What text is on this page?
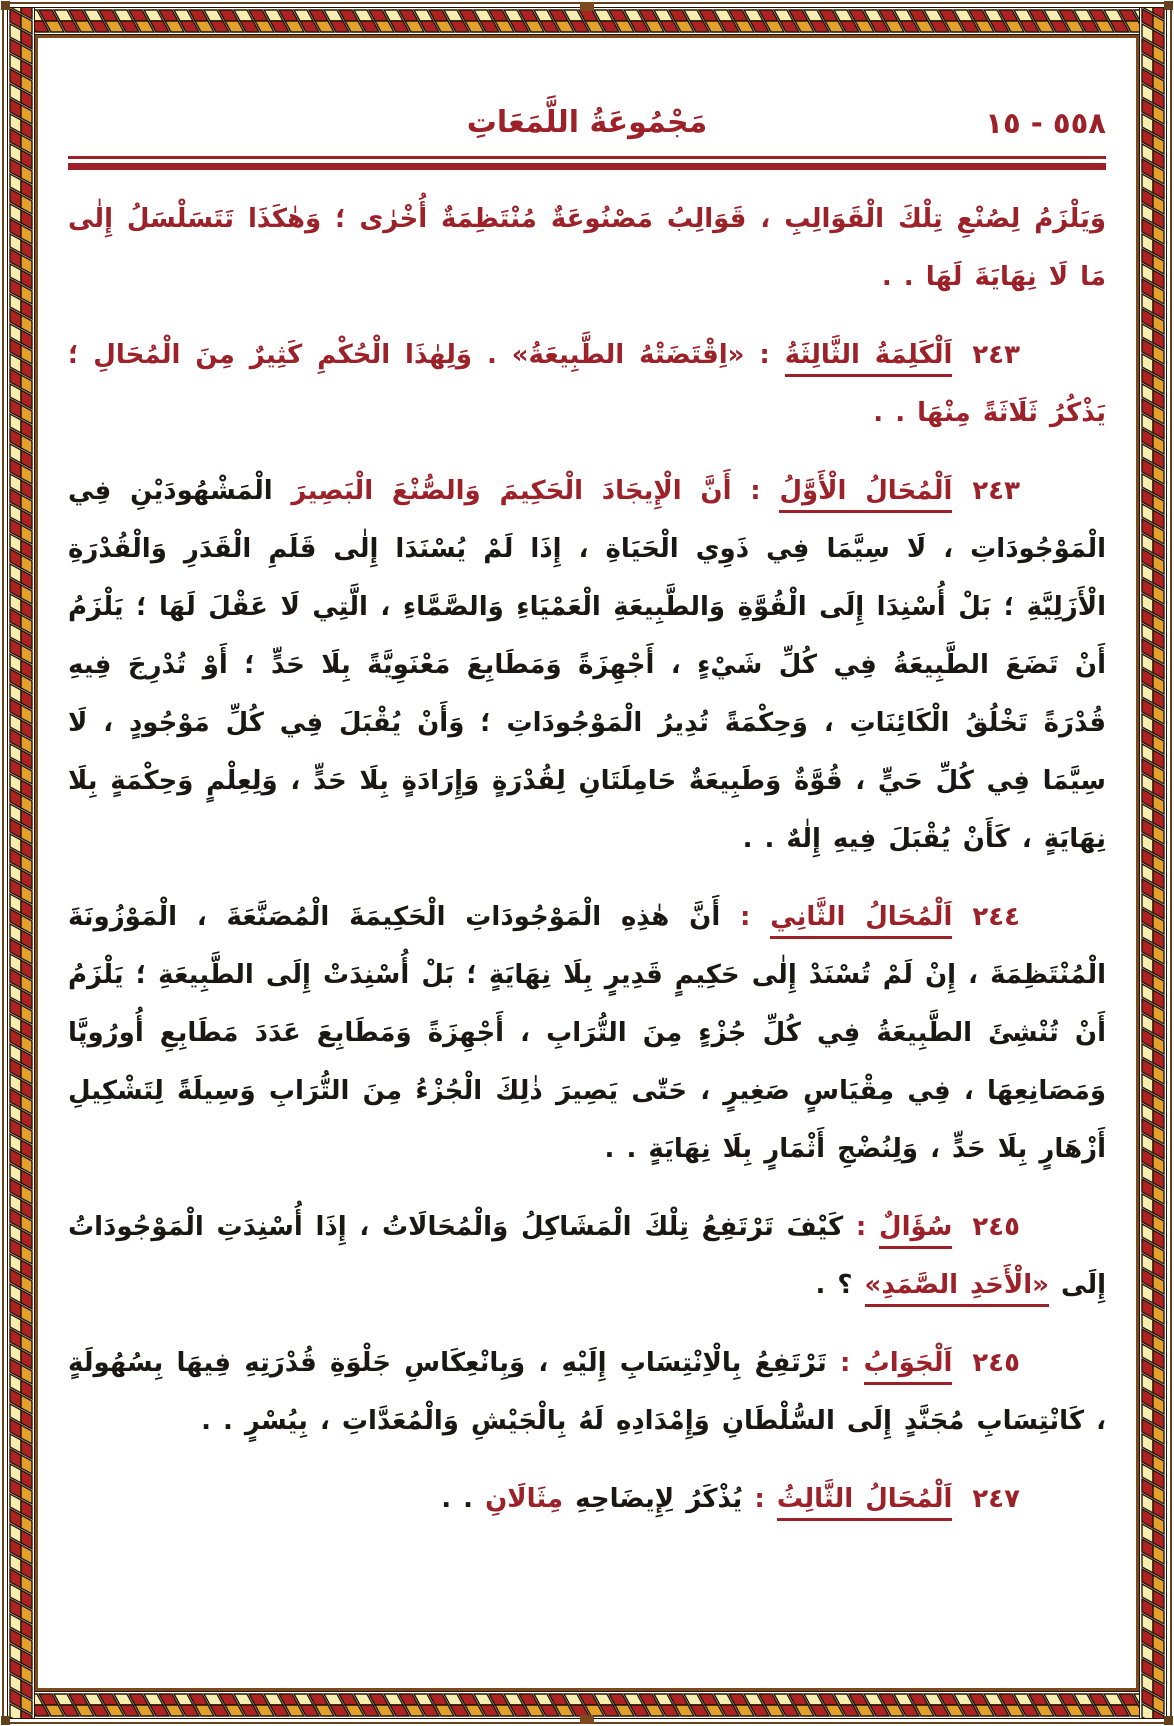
٥٥٨ - ١٥
مَجْمُوعَةُ اللَّمَعَاتِ
وَيَلْزَمُ لِصُنْعِ تِلْكَ الْقَوَالِبِ ، قَوَالِبُ مَصْنُوعَةٌ مُنْتَظِمَةٌ أُخْرٰى ؛ وَهٰكَذَا تَتَسَلْسَلُ إِلٰى مَا لَا نِهَايَةَ لَهَا . .
٢٤٣اَلْكَلِمَةُ الثَّالِثَةُ : «اِقْتَضَتْهُ الطَّبِيعَةُ» . وَلِهٰذَا الْحُكْمِ كَثِيرٌ مِنَ الْمُحَالِ ؛ يَذْكُرُ ثَلَاثَةً مِنْهَا . .
٢٤٣اَلْمُحَالُ الْأَوَّلُ : أَنَّ الْإِيجَادَ الْحَكِيمَ وَالصُّنْعَ الْبَصِيرَ الْمَشْهُودَيْنِ فِي الْمَوْجُودَاتِ ، لَا سِيَّمَا فِي ذَوِي الْحَيَاةِ ، إِذَا لَمْ يُسْنَدَا إِلٰى قَلَمِ الْقَدَرِ وَالْقُدْرَةِ الْأَزَلِيَّةِ ؛ بَلْ أُسْنِدَا إِلَى الْقُوَّةِ وَالطَّبِيعَةِ الْعَمْيَاءِ وَالصَّمَّاءِ ، الَّتِي لَا عَقْلَ لَهَا ؛ يَلْزَمُ أَنْ تَضَعَ الطَّبِيعَةُ فِي كُلِّ شَيْءٍ ، أَجْهِزَةً وَمَطَابِعَ مَعْنَوِيَّةً بِلَا حَدٍّ ؛ أَوْ تُدْرِجَ فِيهِ قُدْرَةً تَخْلُقُ الْكَائِنَاتِ ، وَحِكْمَةً تُدِيرُ الْمَوْجُودَاتِ ؛ وَأَنْ يُقْبَلَ فِي كُلِّ مَوْجُودٍ ، لَا سِيَّمَا فِي كُلِّ حَيٍّ ، قُوَّةٌ وَطَبِيعَةٌ حَامِلَتَانِ لِقُدْرَةٍ وَإِرَادَةٍ بِلَا حَدٍّ ، وَلِعِلْمٍ وَحِكْمَةٍ بِلَا نِهَايَةٍ ، كَأَنْ يُقْبَلَ فِيهِ إِلٰهٌ . .
٢٤٤اَلْمُحَالُ الثَّانِي : أَنَّ هٰذِهِ الْمَوْجُودَاتِ الْحَكِيمَةَ الْمُصَنَّعَةَ ، الْمَوْزُونَةَ الْمُنْتَظِمَةَ ، إِنْ لَمْ تُسْنَدْ إِلٰى حَكِيمٍ قَدِيرٍ بِلَا نِهَايَةٍ ؛ بَلْ أُسْنِدَتْ إِلَى الطَّبِيعَةِ ؛ يَلْزَمُ أَنْ تُنْشِئَ الطَّبِيعَةُ فِي كُلِّ جُزْءٍ مِنَ التُّرَابِ ، أَجْهِزَةً وَمَطَابِعَ عَدَدَ مَطَابِعِ أُورُوپَّا وَمَصَانِعِهَا ، فِي مِقْيَاسٍ صَغِيرٍ ، حَتّٰى يَصِيرَ ذٰلِكَ الْجُزْءُ مِنَ التُّرَابِ وَسِيلَةً لِتَشْكِيلِ أَزْهَارٍ بِلَا حَدٍّ ، وَلِنُضْجِ أَثْمَارٍ بِلَا نِهَايَةٍ . .
٢٤٥سُؤَالٌ : كَيْفَ تَرْتَفِعُ تِلْكَ الْمَشَاكِلُ وَالْمُحَالَاتُ ، إِذَا أُسْنِدَتِ الْمَوْجُودَاتُ إِلَى «الْأَحَدِ الصَّمَدِ» ؟ .
٢٤٥اَلْجَوَابُ : تَرْتَفِعُ بِالْاِنْتِسَابِ إِلَيْهِ ، وَبِانْعِكَاسِ جَلْوَةِ قُدْرَتِهِ فِيهَا بِسُهُولَةٍ ، كَانْتِسَابِ مُجَنَّدٍ إِلَى السُّلْطَانِ وَإِمْدَادِهِ لَهُ بِالْجَيْشِ وَالْمُعَدَّاتِ ، بِيُسْرٍ . .
٢٤٧اَلْمُحَالُ الثَّالِثُ : يُذْكَرُ لِإِيضَاحِهِ مِثَالَانِ . .
